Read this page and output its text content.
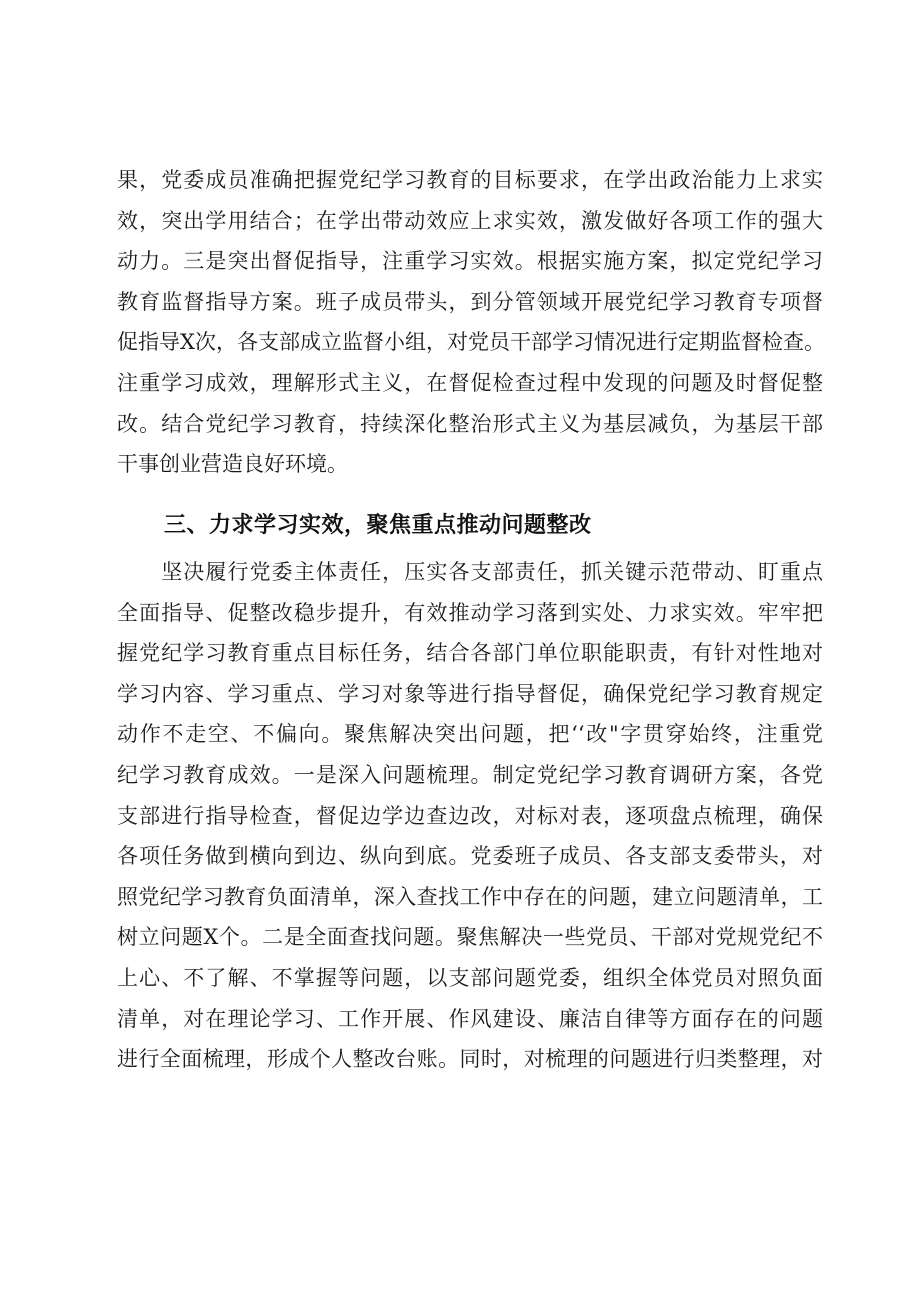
果，党委成员准确把握党纪学习教育的目标要求，在学出政治能力上求实
效，突出学用结合；在学出带动效应上求实效，激发做好各项工作的强大
动力。三是突出督促指导，注重学习实效。根据实施方案，拟定党纪学习
教育监督指导方案。班子成员带头，到分管领域开展党纪学习教育专项督
促指导X次，各支部成立监督小组，对党员干部学习情况进行定期监督检查。
注重学习成效，理解形式主义，在督促检查过程中发现的问题及时督促整
改。结合党纪学习教育，持续深化整治形式主义为基层减负，为基层干部
干事创业营造良好环境。
三、力求学习实效，聚焦重点推动问题整改
　　坚决履行党委主体责任，压实各支部责任，抓关键示范带动、盯重点
全面指导、促整改稳步提升，有效推动学习落到实处、力求实效。牢牢把
握党纪学习教育重点目标任务，结合各部门单位职能职责，有针对性地对
学习内容、学习重点、学习对象等进行指导督促，确保党纪学习教育规定
动作不走空、不偏向。聚焦解决突出问题，把‘‘改"字贯穿始终，注重党
纪学习教育成效。一是深入问题梳理。制定党纪学习教育调研方案，各党
支部进行指导检查，督促边学边查边改，对标对表，逐项盘点梳理，确保
各项任务做到横向到边、纵向到底。党委班子成员、各支部支委带头，对
照党纪学习教育负面清单，深入查找工作中存在的问题，建立问题清单，工
树立问题X个。二是全面查找问题。聚焦解决一些党员、干部对党规党纪不
上心、不了解、不掌握等问题，以支部问题党委，组织全体党员对照负面
清单，对在理论学习、工作开展、作风建设、廉洁自律等方面存在的问题
进行全面梳理，形成个人整改台账。同时，对梳理的问题进行归类整理，对
